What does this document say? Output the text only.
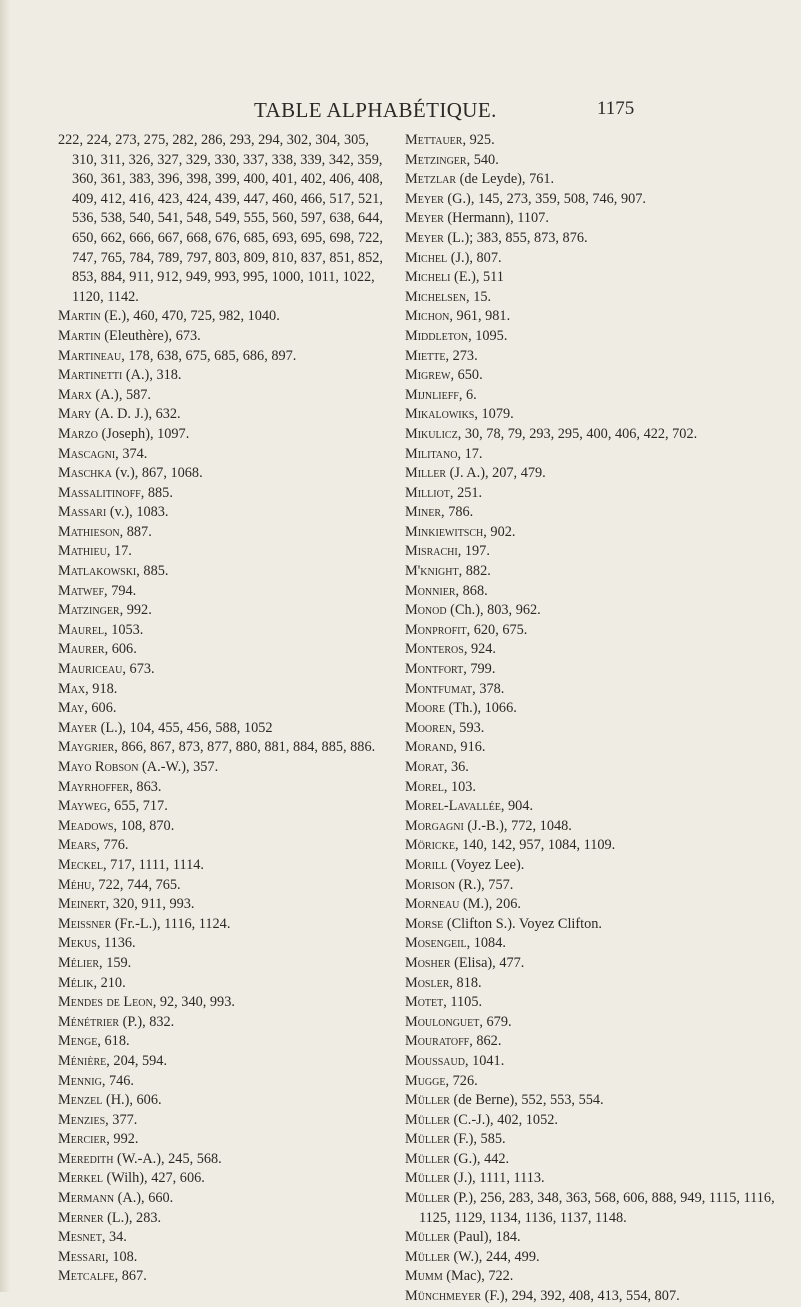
TABLE ALPHABÉTIQUE.	1175
222, 224, 273, 275, 282, 286, 293, 294, 302, 304, 305, 310, 311, 326, 327, 329, 330, 337, 338, 339, 342, 359, 360, 361, 383, 396, 398, 399, 400, 401, 402, 406, 408, 409, 412, 416, 423, 424, 439, 447, 460, 466, 517, 521, 536, 538, 540, 541, 548, 549, 555, 560, 597, 638, 644, 650, 662, 666, 667, 668, 676, 685, 693, 695, 698, 722, 747, 765, 784, 789, 797, 803, 809, 810, 837, 851, 852, 853, 884, 911, 912, 949, 993, 995, 1000, 1011, 1022, 1120, 1142.
Martin (E.), 460, 470, 725, 982, 1040.
Martin (Eleuthère), 673.
Martineau, 178, 638, 675, 685, 686, 897.
Martinetti (A.), 318.
Marx (A.), 587.
Mary (A. D. J.), 632.
Marzo (Joseph), 1097.
Mascagni, 374.
Maschka (v.), 867, 1068.
Massalitinoff, 885.
Massari (v.), 1083.
Mathieson, 887.
Mathieu, 17.
Matlakowski, 885.
Matwef, 794.
Matzinger, 992.
Maurel, 1053.
Maurer, 606.
Mauriceau, 673.
Max, 918.
May, 606.
Mayer (L.), 104, 455, 456, 588, 1052
Maygrier, 866, 867, 873, 877, 880, 881, 884, 885, 886.
Mayo Robson (A.-W.), 357.
Mayrhoffer, 863.
Mayweg, 655, 717.
Meadows, 108, 870.
Mears, 776.
Meckel, 717, 1111, 1114.
Méhu, 722, 744, 765.
Meinert, 320, 911, 993.
Meissner (Fr.-L.), 1116, 1124.
Mekus, 1136.
Mélier, 159.
Mélik, 210.
Mendes de Leon, 92, 340, 993.
Ménétrier (P.), 832.
Menge, 618.
Ménière, 204, 594.
Mennig, 746.
Menzel (H.), 606.
Menzies, 377.
Mercier, 992.
Meredith (W.-A.), 245, 568.
Merkel (Wilh), 427, 606.
Mermann (A.), 660.
Merner (L.), 283.
Mesnet, 34.
Messari, 108.
Metcalfe, 867.
Mettauer, 925.
Metzinger, 540.
Metzlar (de Leyde), 761.
Meyer (G.), 145, 273, 359, 508, 746, 907.
Meyer (Hermann), 1107.
Meyer (L.); 383, 855, 873, 876.
Michel (J.), 807.
Micheli (E.), 511
Michelsen, 15.
Michon, 961, 981.
Middleton, 1095.
Miette, 273.
Migrew, 650.
Mijnlieff, 6.
Mikalowiks, 1079.
Mikulicz, 30, 78, 79, 293, 295, 400, 406, 422, 702.
Militano, 17.
Miller (J. A.), 207, 479.
Milliot, 251.
Miner, 786.
Minkiewitsch, 902.
Misrachi, 197.
M'knight, 882.
Monnier, 868.
Monod (Ch.), 803, 962.
Monprofit, 620, 675.
Monteros, 924.
Montfort, 799.
Montfumat, 378.
Moore (Th.), 1066.
Mooren, 593.
Morand, 916.
Morat, 36.
Morel, 103.
Morel-Lavallée, 904.
Morgagni (J.-B.), 772, 1048.
Möricke, 140, 142, 957, 1084, 1109.
Morill (Voyez Lee).
Morison (R.), 757.
Morneau (M.), 206.
Morse (Clifton S.). Voyez Clifton.
Mosengeil, 1084.
Mosher (Elisa), 477.
Mosler, 818.
Motet, 1105.
Moulonguet, 679.
Mouratoff, 862.
Moussaud, 1041.
Mugge, 726.
Müller (de Berne), 552, 553, 554.
Müller (C.-J.), 402, 1052.
Müller (F.), 585.
Müller (G.), 442.
Müller (J.), 1111, 1113.
Müller (P.), 256, 283, 348, 363, 568, 606, 888, 949, 1115, 1116, 1125, 1129, 1134, 1136, 1137, 1148.
Müller (Paul), 184.
Müller (W.), 244, 499.
Mumm (Mac), 722.
Münchmeyer (F.), 294, 392, 408, 413, 554, 807.
